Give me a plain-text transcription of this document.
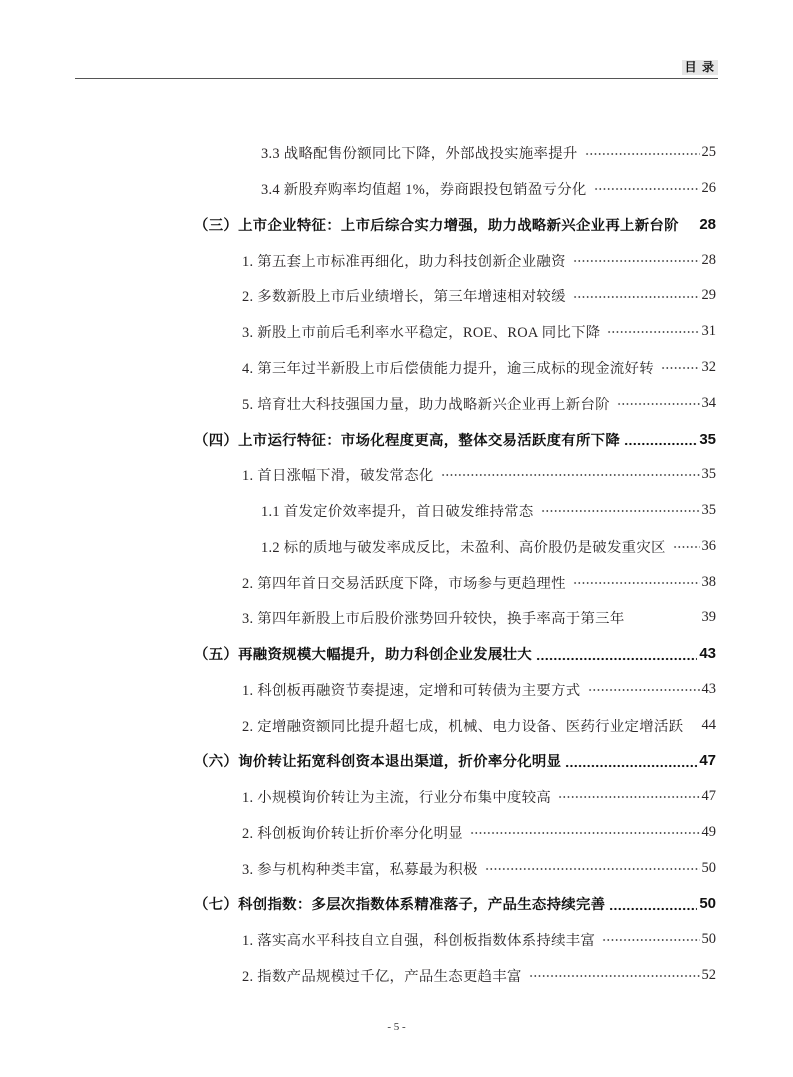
目 录
3.3 战略配售份额同比下降，外部战投实施率提升	25
3.4 新股弃购率均值超 1%，券商跟投包销盈亏分化	26
（三）上市企业特征：上市后综合实力增强，助力战略新兴企业再上新台阶 28
1. 第五套上市标准再细化，助力科技创新企业融资	28
2. 多数新股上市后业绩增长，第三年增速相对较缓	29
3. 新股上市前后毛利率水平稳定，ROE、ROA 同比下降	31
4. 第三年过半新股上市后偿债能力提升，逾三成标的现金流好转	32
5. 培育壮大科技强国力量，助力战略新兴企业再上新台阶	34
（四）上市运行特征：市场化程度更高，整体交易活跃度有所下降	35
1. 首日涨幅下滑，破发常态化	35
1.1 首发定价效率提升，首日破发维持常态	35
1.2 标的质地与破发率成反比，未盈利、高价股仍是破发重灾区 36
2. 第四年首日交易活跃度下降，市场参与更趋理性	38
3. 第四年新股上市后股价涨势回升较快，换手率高于第三年	39
（五）再融资规模大幅提升，助力科创企业发展壮大	43
1. 科创板再融资节奏提速，定增和可转债为主要方式	43
2. 定增融资额同比提升超七成，机械、电力设备、医药行业定增活跃 44
（六）询价转让拓宽科创资本退出渠道，折价率分化明显	47
1. 小规模询价转让为主流，行业分布集中度较高	47
2. 科创板询价转让折价率分化明显	49
3. 参与机构种类丰富，私募最为积极	50
（七）科创指数：多层次指数体系精准落子，产品生态持续完善	50
1. 落实高水平科技自立自强，科创板指数体系持续丰富	50
2. 指数产品规模过千亿，产品生态更趋丰富	52
- 5 -
